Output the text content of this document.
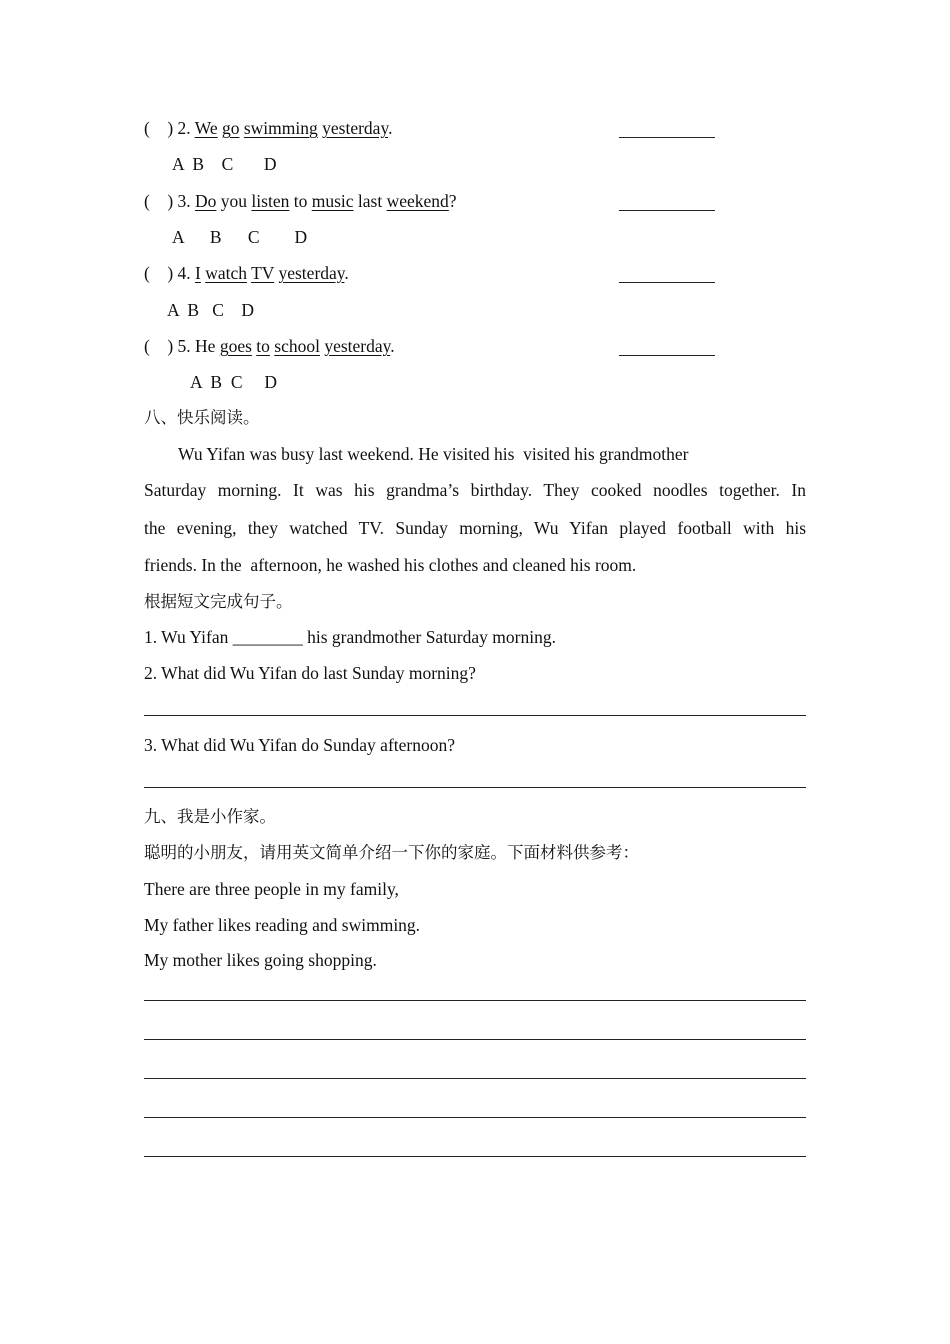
(    ) 2. We go swimming yesterday.
A  B    C       D
(    ) 3. Do you listen to music last weekend?
A      B      C        D
(    ) 4. I watch TV yesterday.
A  B   C    D
(    ) 5. He goes to school yesterday.
A  B  C     D
八、快乐阅读。
Wu Yifan was busy last weekend. He visited his  visited his grandmother
Saturday morning. It was his grandma’s birthday. They cooked noodles together. In
the evening, they watched TV. Sunday morning, Wu Yifan played football with his
friends. In the  afternoon, he washed his clothes and cleaned his room.
根据短文完成句子。
1. Wu Yifan ________ his grandmother Saturday morning.
2. What did Wu Yifan do last Sunday morning?
3. What did Wu Yifan do Sunday afternoon?
九、我是小作家。
聪明的小朋友，请用英文简单介绍一下你的家庭。下面材料供参考：
There are three people in my family,
My father likes reading and swimming.
My mother likes going shopping.
